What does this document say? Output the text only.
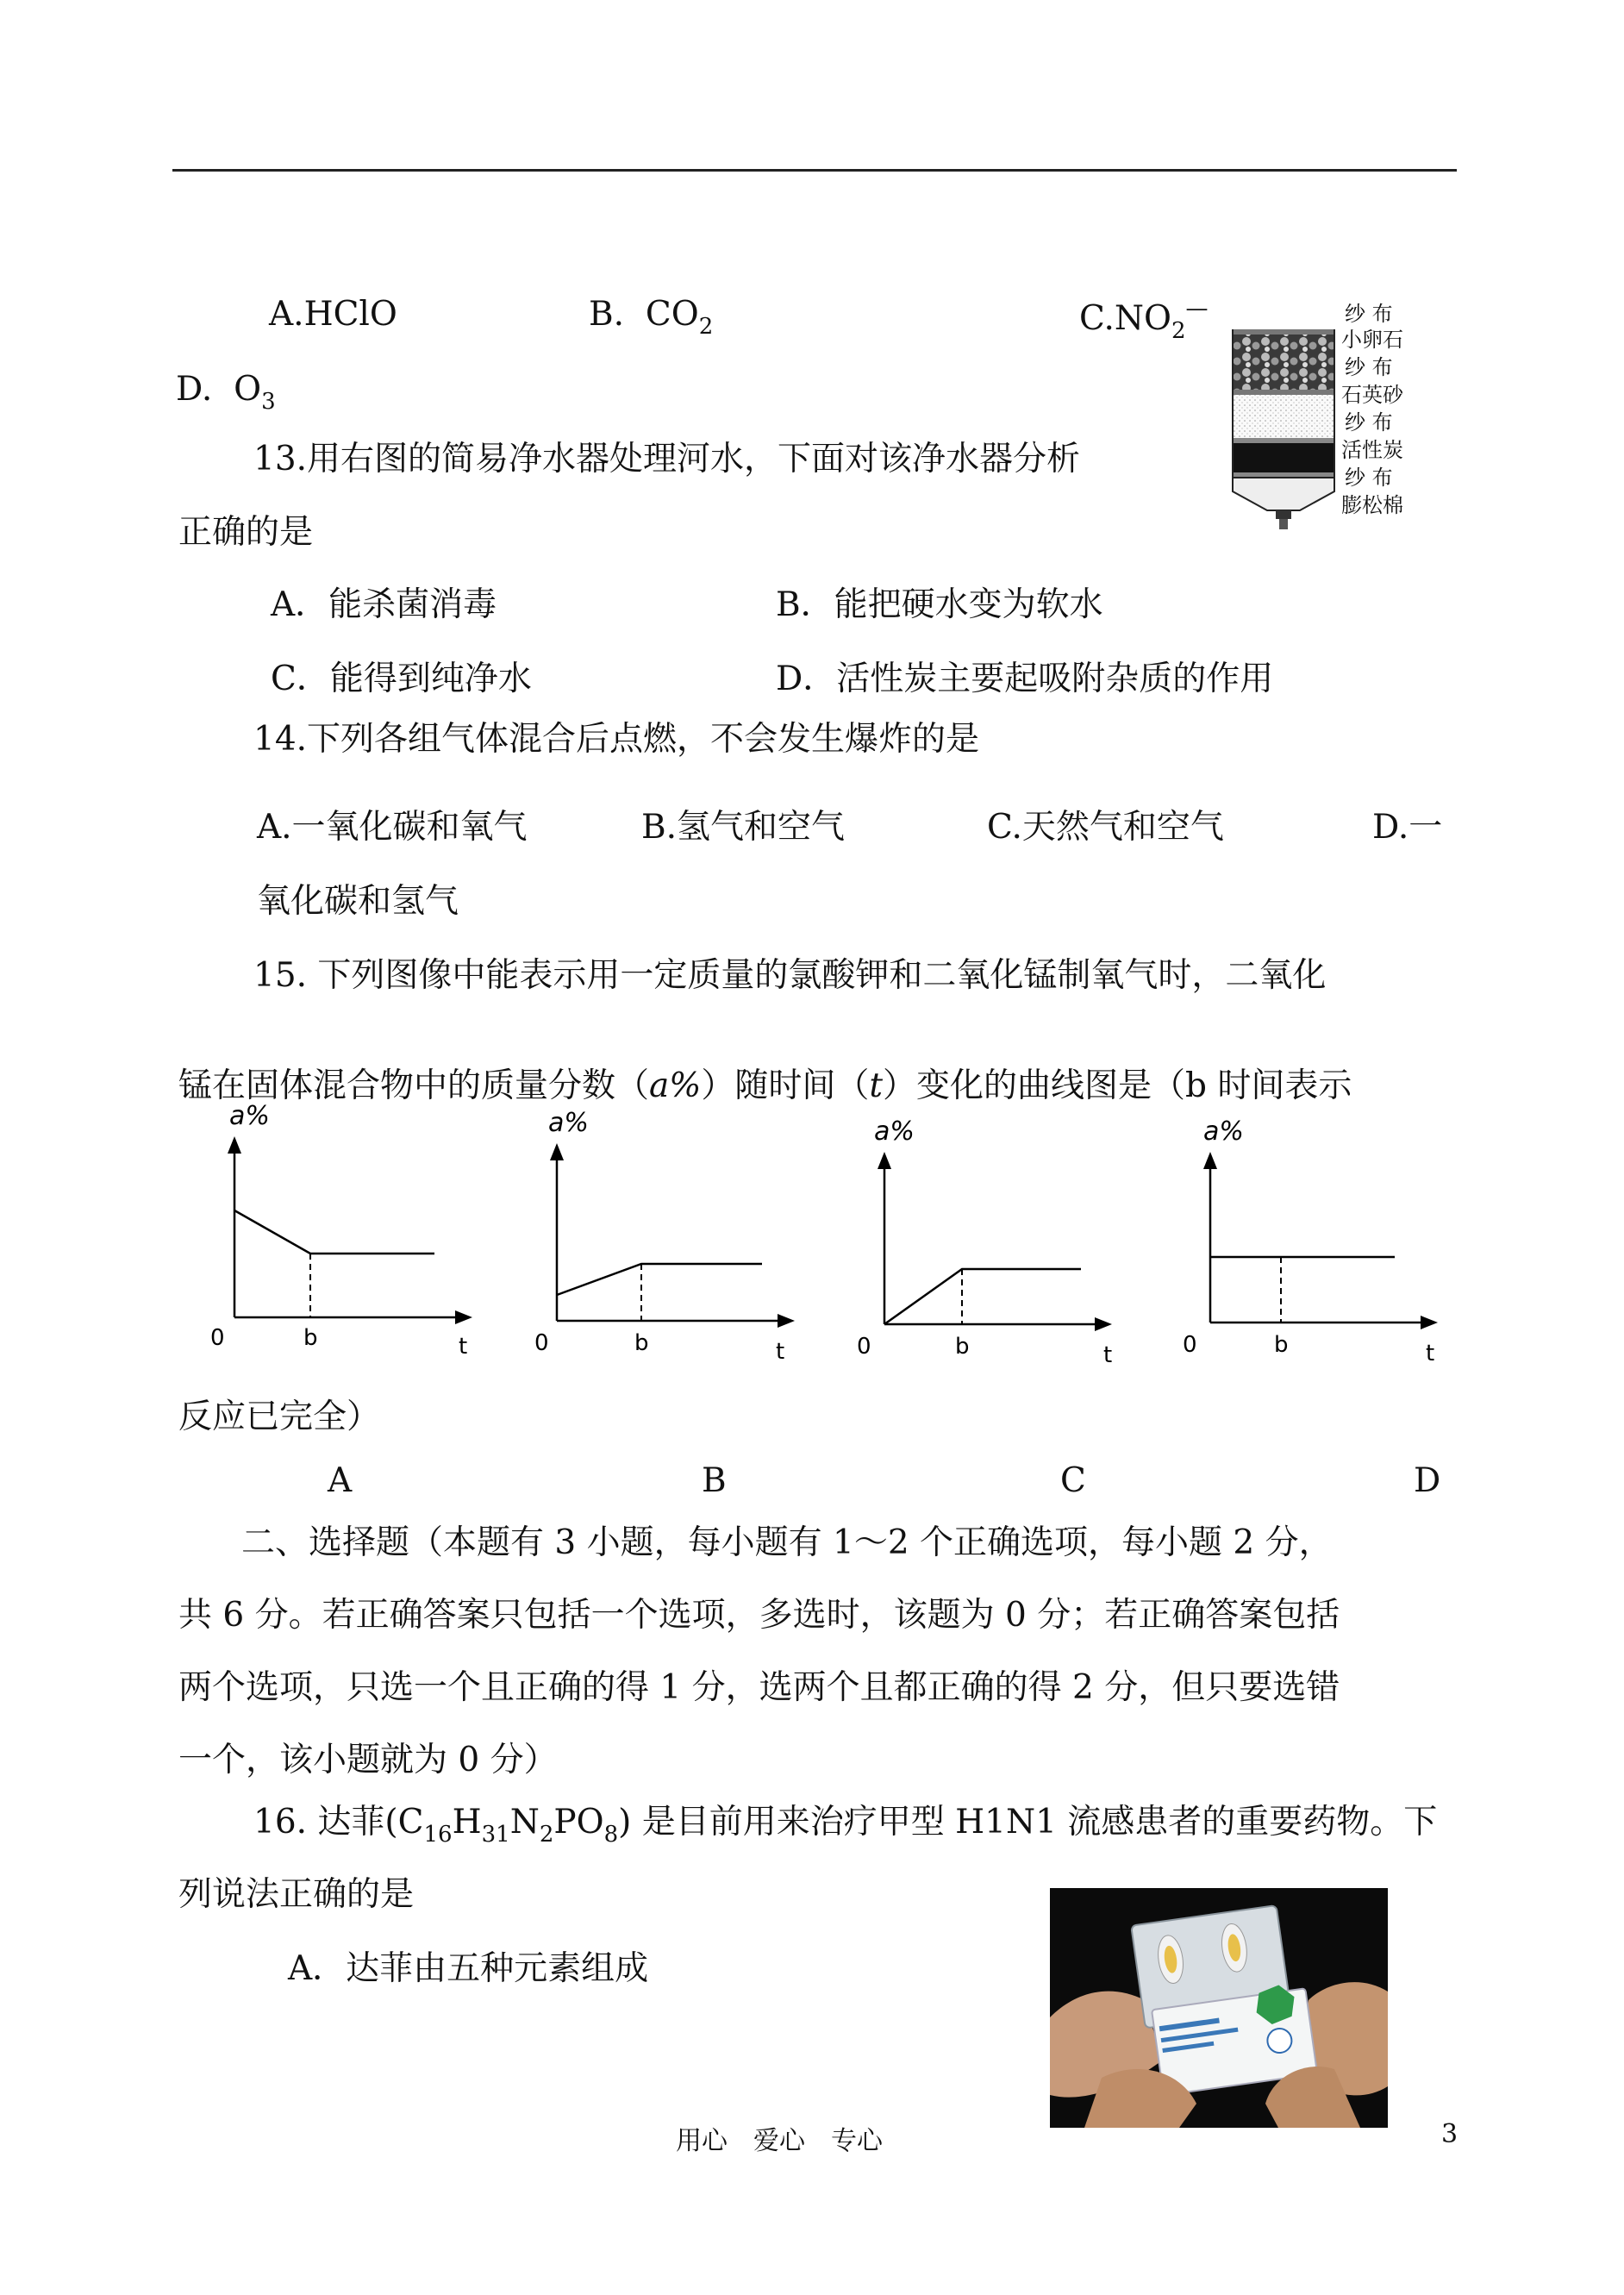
A.HClO	B. $CO_2$	$C.NO_2^—$
D. $O_3$
纱 布
小卵石
纱 布
石英砂
纱 布
活性炭
纱 布
膨松棉
13.用右图的简易净水器处理河水，下面对该净水器分析
正确的是
A．能杀菌消毒	B．能把硬水变为软水
C．能得到纯净水	D．活性炭主要起吸附杂质的作用
14.下列各组气体混合后点燃，不会发生爆炸的是
A.一氧化碳和氧气	B.氢气和空气	C.天然气和空气	D.一
氧化碳和氢气
15. 下列图像中能表示用一定质量的氯酸钾和二氧化锰制氧气时，二氧化
锰在固体混合物中的质量分数（a%）随时间（t）变化的曲线图是（b 时间表示
a%
0	b	t
a%
0	b	t
a%
0	b	t
a%
0	b	t
反应已完全）
A	B	C	D
二、选择题（本题有 3 小题，每小题有 1～2 个正确选项，每小题 2 分，
共 6 分。若正确答案只包括一个选项，多选时，该题为 0 分；若正确答案包括
两个选项，只选一个且正确的得 1 分，选两个且都正确的得 2 分，但只要选错
一个，该小题就为 0 分）
16. 达菲$(C_{16}H_{31}N_2PO_8)$ 是目前用来治疗甲型 H1N1 流感患者的重要药物。下
列说法正确的是
A．达菲由五种元素组成
用心　爱心　专心	3
